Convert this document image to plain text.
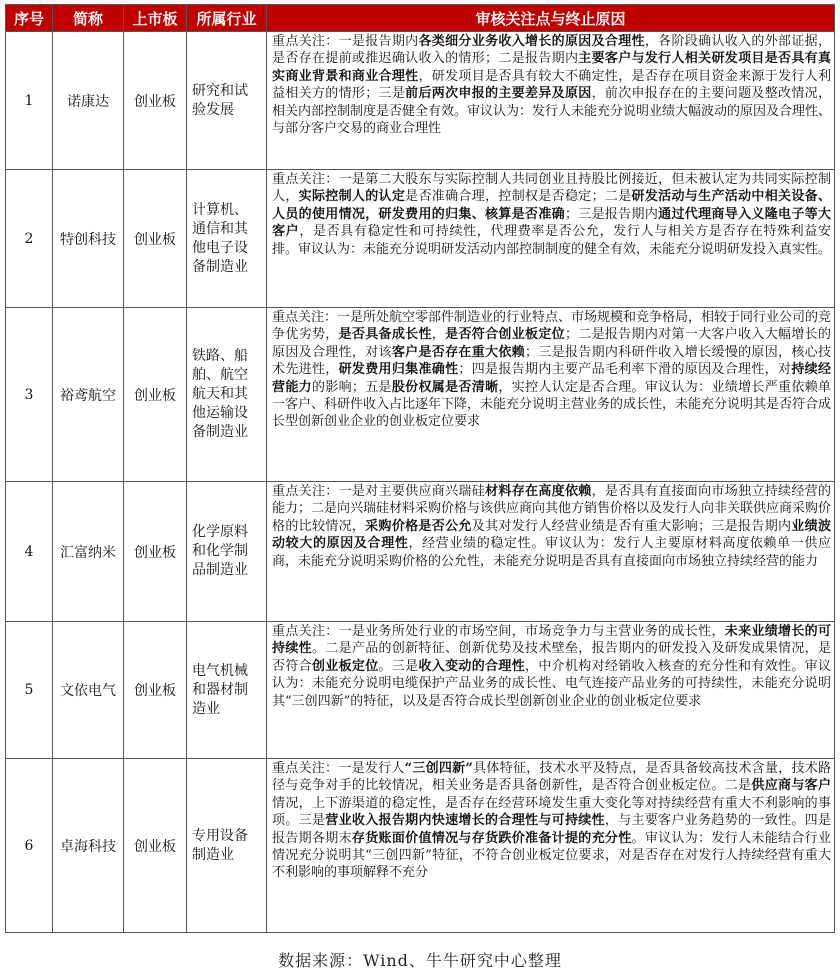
序号	简称	上市板	所属行业	审核关注点与终止原因
1	诺康达	创业板	研究和试验发展	重点关注：一是报告期内各类细分业务收入增长的原因及合理性，各阶段确认收入的外部证据，是否存在提前或推迟确认收入的情形；二是报告期内主要客户与发行人相关研发项目是否具有真实商业背景和商业合理性，研发项目是否具有较大不确定性，是否存在项目资金来源于发行人利益相关方的情形；三是前后两次申报的主要差异及原因，前次申报存在的主要问题及整改情况，相关内部控制制度是否健全有效。审议认为：发行人未能充分说明业绩大幅波动的原因及合理性、与部分客户交易的商业合理性
2	特创科技	创业板	计算机、通信和其他电子设备制造业	重点关注：一是第二大股东与实际控制人共同创业且持股比例接近，但未被认定为共同实际控制人，实际控制人的认定是否准确合理，控制权是否稳定；二是研发活动与生产活动中相关设备、人员的使用情况，研发费用的归集、核算是否准确；三是报告期内通过代理商导入义隆电子等大客户，是否具有稳定性和可持续性，代理费率是否公允，发行人与相关方是否存在特殊利益安排。审议认为：未能充分说明研发活动内部控制制度的健全有效，未能充分说明研发投入真实性。
3	裕鸢航空	创业板	铁路、船舶、航空航天和其他运输设备制造业	重点关注：一是所处航空零部件制造业的行业特点、市场规模和竞争格局，相较于同行业公司的竞争优劣势，是否具备成长性，是否符合创业板定位；二是报告期内对第一大客户收入大幅增长的原因及合理性，对该客户是否存在重大依赖；三是报告期内科研件收入增长缓慢的原因，核心技术先进性，研发费用归集准确性；四是报告期内主要产品毛利率下滑的原因及合理性，对持续经营能力的影响；五是股份权属是否清晰，实控人认定是否合理。审议认为：业绩增长严重依赖单一客户、科研件收入占比逐年下降，未能充分说明主营业务的成长性，未能充分说明其是否符合成长型创新创业企业的创业板定位要求
4	汇富纳米	创业板	化学原料和化学制品制造业	重点关注：一是对主要供应商兴瑞硅材料存在高度依赖，是否具有直接面向市场独立持续经营的能力；二是向兴瑞硅材料采购价格与该供应商向其他方销售价格以及发行人向非关联供应商采购价格的比较情况，采购价格是否公允及其对发行人经营业绩是否有重大影响；三是报告期内业绩波动较大的原因及合理性，经营业绩的稳定性。审议认为：发行人主要原材料高度依赖单一供应商，未能充分说明采购价格的公允性，未能充分说明是否具有直接面向市场独立持续经营的能力
5	文依电气	创业板	电气机械和器材制造业	重点关注：一是业务所处行业的市场空间，市场竞争力与主营业务的成长性，未来业绩增长的可持续性。二是产品的创新特征、创新优势及技术壁垒，报告期内的研发投入及研发成果情况，是否符合创业板定位。三是收入变动的合理性，中介机构对经销收入核查的充分性和有效性。审议认为：未能充分说明电缆保护产品业务的成长性、电气连接产品业务的可持续性，未能充分说明其“三创四新”的特征，以及是否符合成长型创新创业企业的创业板定位要求
6	卓海科技	创业板	专用设备制造业	重点关注：一是发行人“三创四新”具体特征，技术水平及特点，是否具备较高技术含量，技术路径与竞争对手的比较情况，相关业务是否具备创新性，是否符合创业板定位。二是供应商与客户情况，上下游渠道的稳定性，是否存在经营环境发生重大变化等对持续经营有重大不利影响的事项。三是营业收入报告期内快速增长的合理性与可持续性，与主要客户业务趋势的一致性。四是报告期各期末存货账面价值情况与存货跌价准备计提的充分性。审议认为：发行人未能结合行业情况充分说明其“三创四新”特征，不符合创业板定位要求，对是否存在对发行人持续经营有重大不利影响的事项解释不充分
数据来源：Wind、牛牛研究中心整理
